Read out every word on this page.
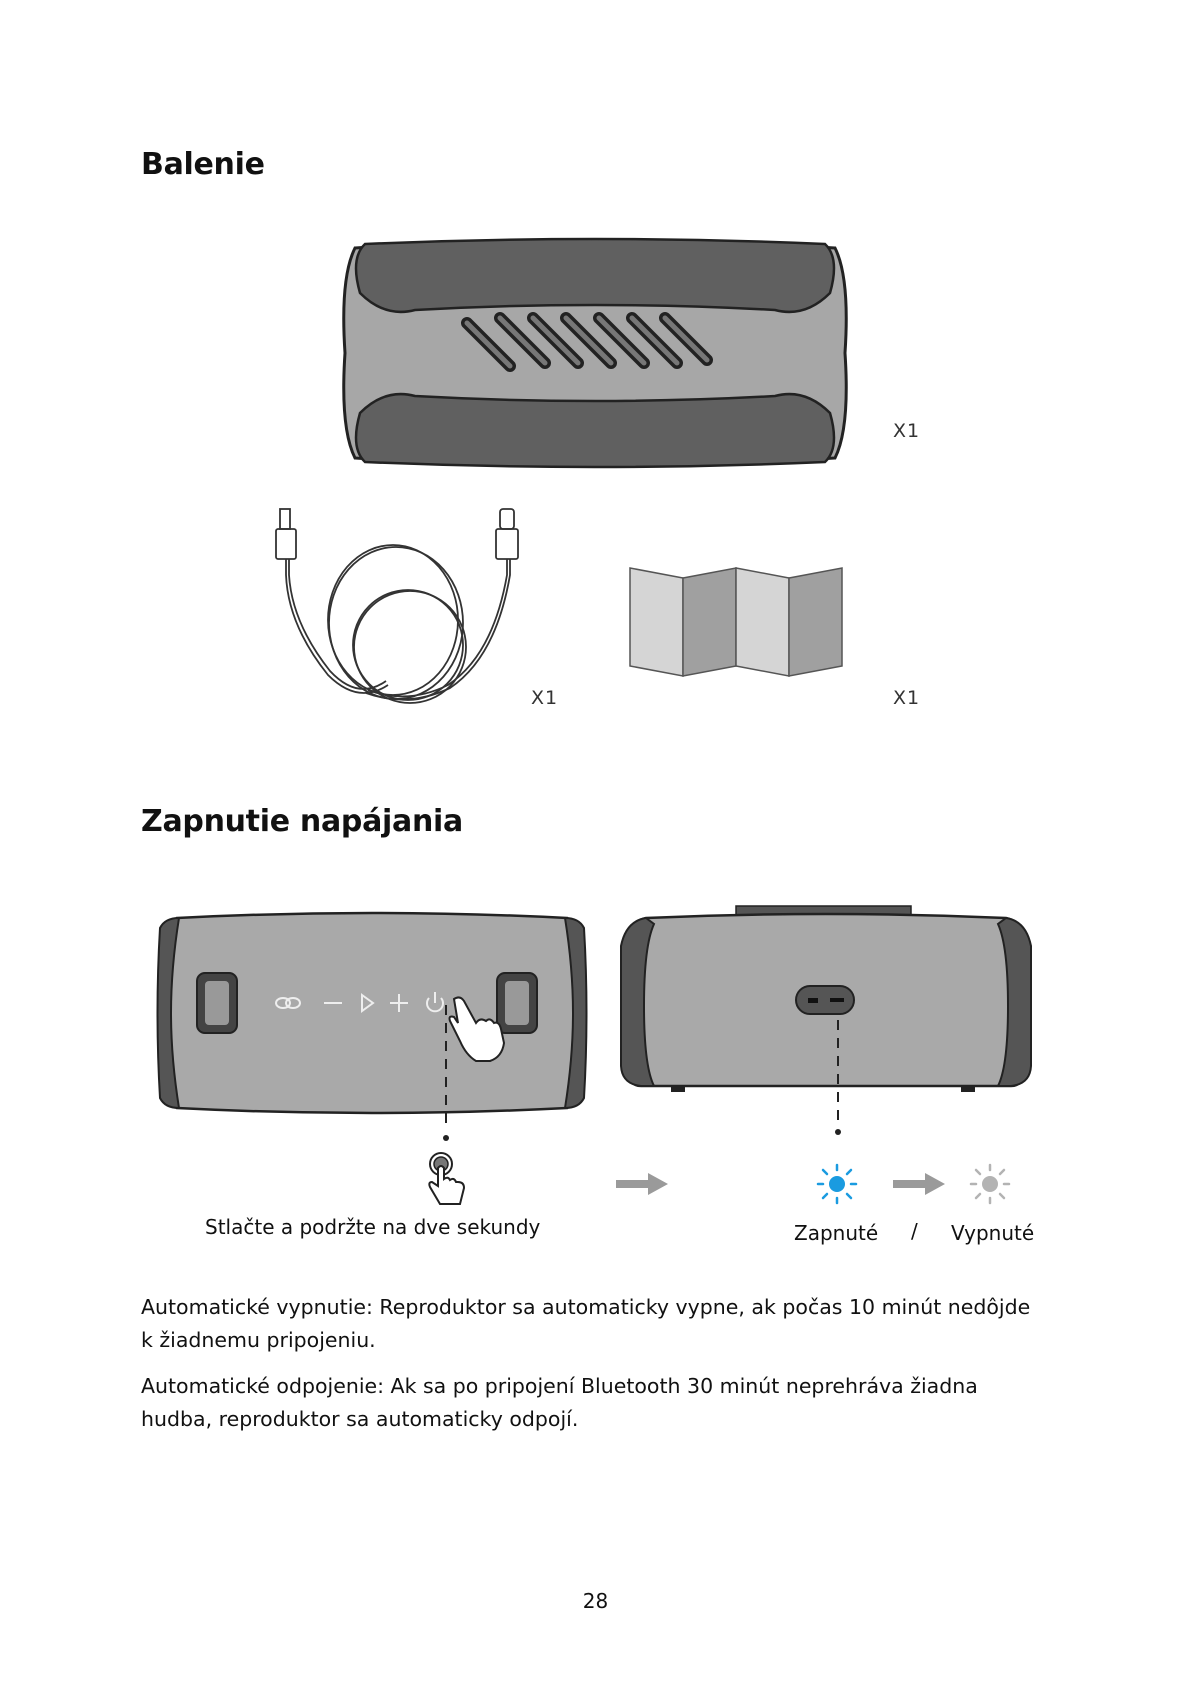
Balenie
X1
X1	X1
Zapnutie napájania
Stlačte a podržte na dve sekundy	Zapnuté / Vypnuté

Automatické vypnutie: Reproduktor sa automaticky vypne, ak počas 10 minút nedôjde k žiadnemu pripojeniu.

Automatické odpojenie: Ak sa po pripojení Bluetooth 30 minút neprehráva žiadna hudba, reproduktor sa automaticky odpojí.

28
